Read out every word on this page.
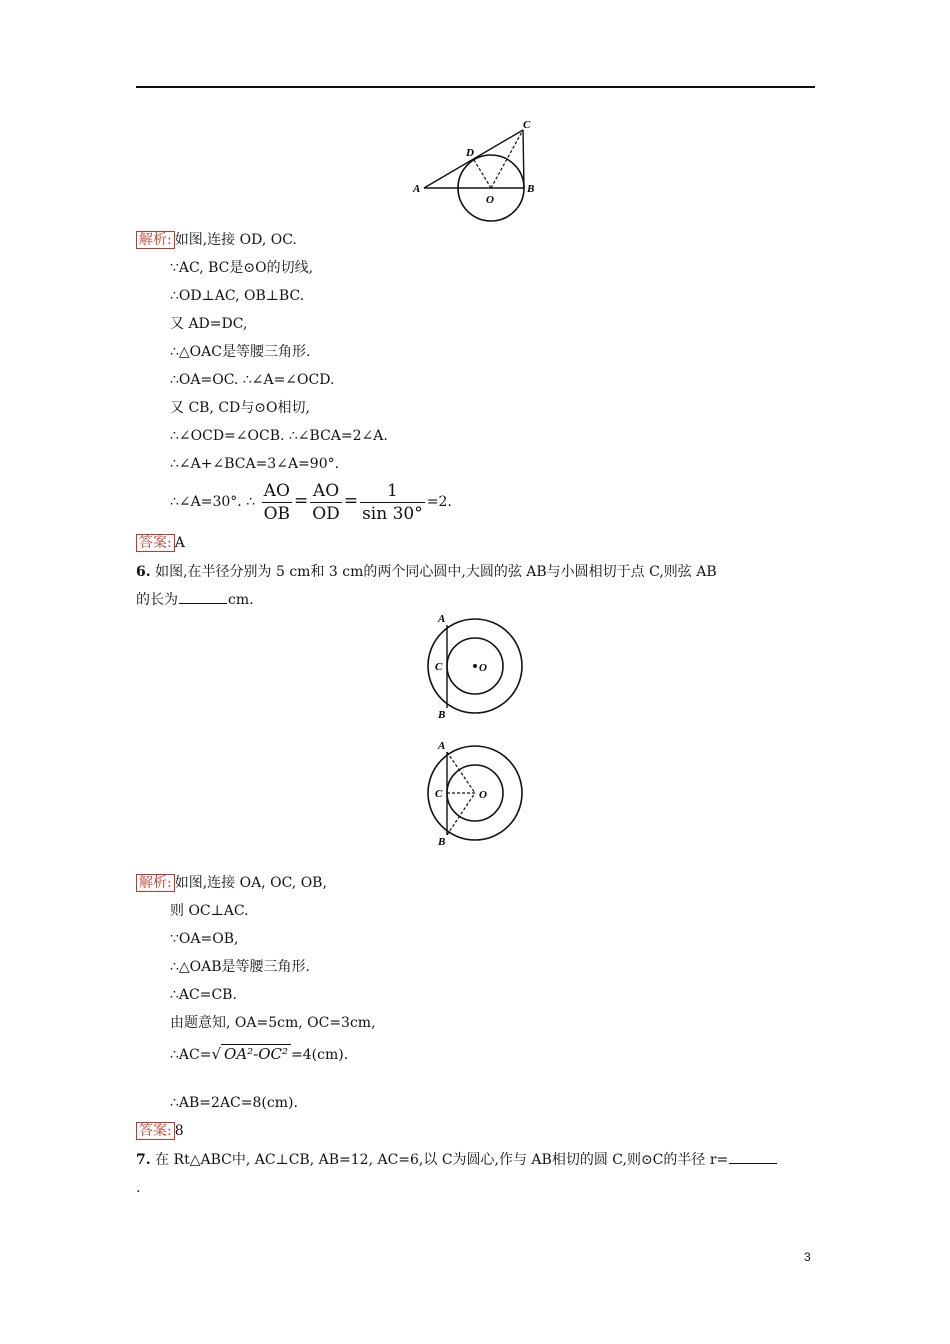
A	B
C
D
O
解析: 如图,连接 OD, OC.
∵AC, BC是⊙O的切线,
∴OD⊥AC, OB⊥BC.
又 AD=DC,
∴△OAC是等腰三角形.
∴OA=OC. ∴∠A=∠OCD.
又 CB, CD与⊙O相切,
∴∠OCD=∠OCB. ∴∠BCA=2∠A.
∴∠A+∠BCA=3∠A=90°.
∴∠A=30°. ∴ $\frac{AO}{OB} = \frac{AO}{OD} = \frac{1}{\sin 30^\circ} =2$.
答案: A
6. 如图,在半径分别为 5 cm和 3 cm的两个同心圆中,大圆的弦 AB与小圆相切于点 C,则弦 AB
的长为	cm.
A
B
C	O
A
B
C	O
解析: 如图,连接 OA, OC, OB,
则 OC⊥AC.
∵OA=OB,
∴△OAB是等腰三角形.
∴AC=CB.
由题意知, OA=5cm, OC=3cm,
∴AC=√ OA²-OC² =4(cm).
∴AB=2AC=8(cm).
答案: 8
7. 在 Rt△ABC中, AC⊥CB, AB=12, AC=6,以 C为圆心,作与 AB相切的圆 C,则⊙C的半径 r=
.
3
